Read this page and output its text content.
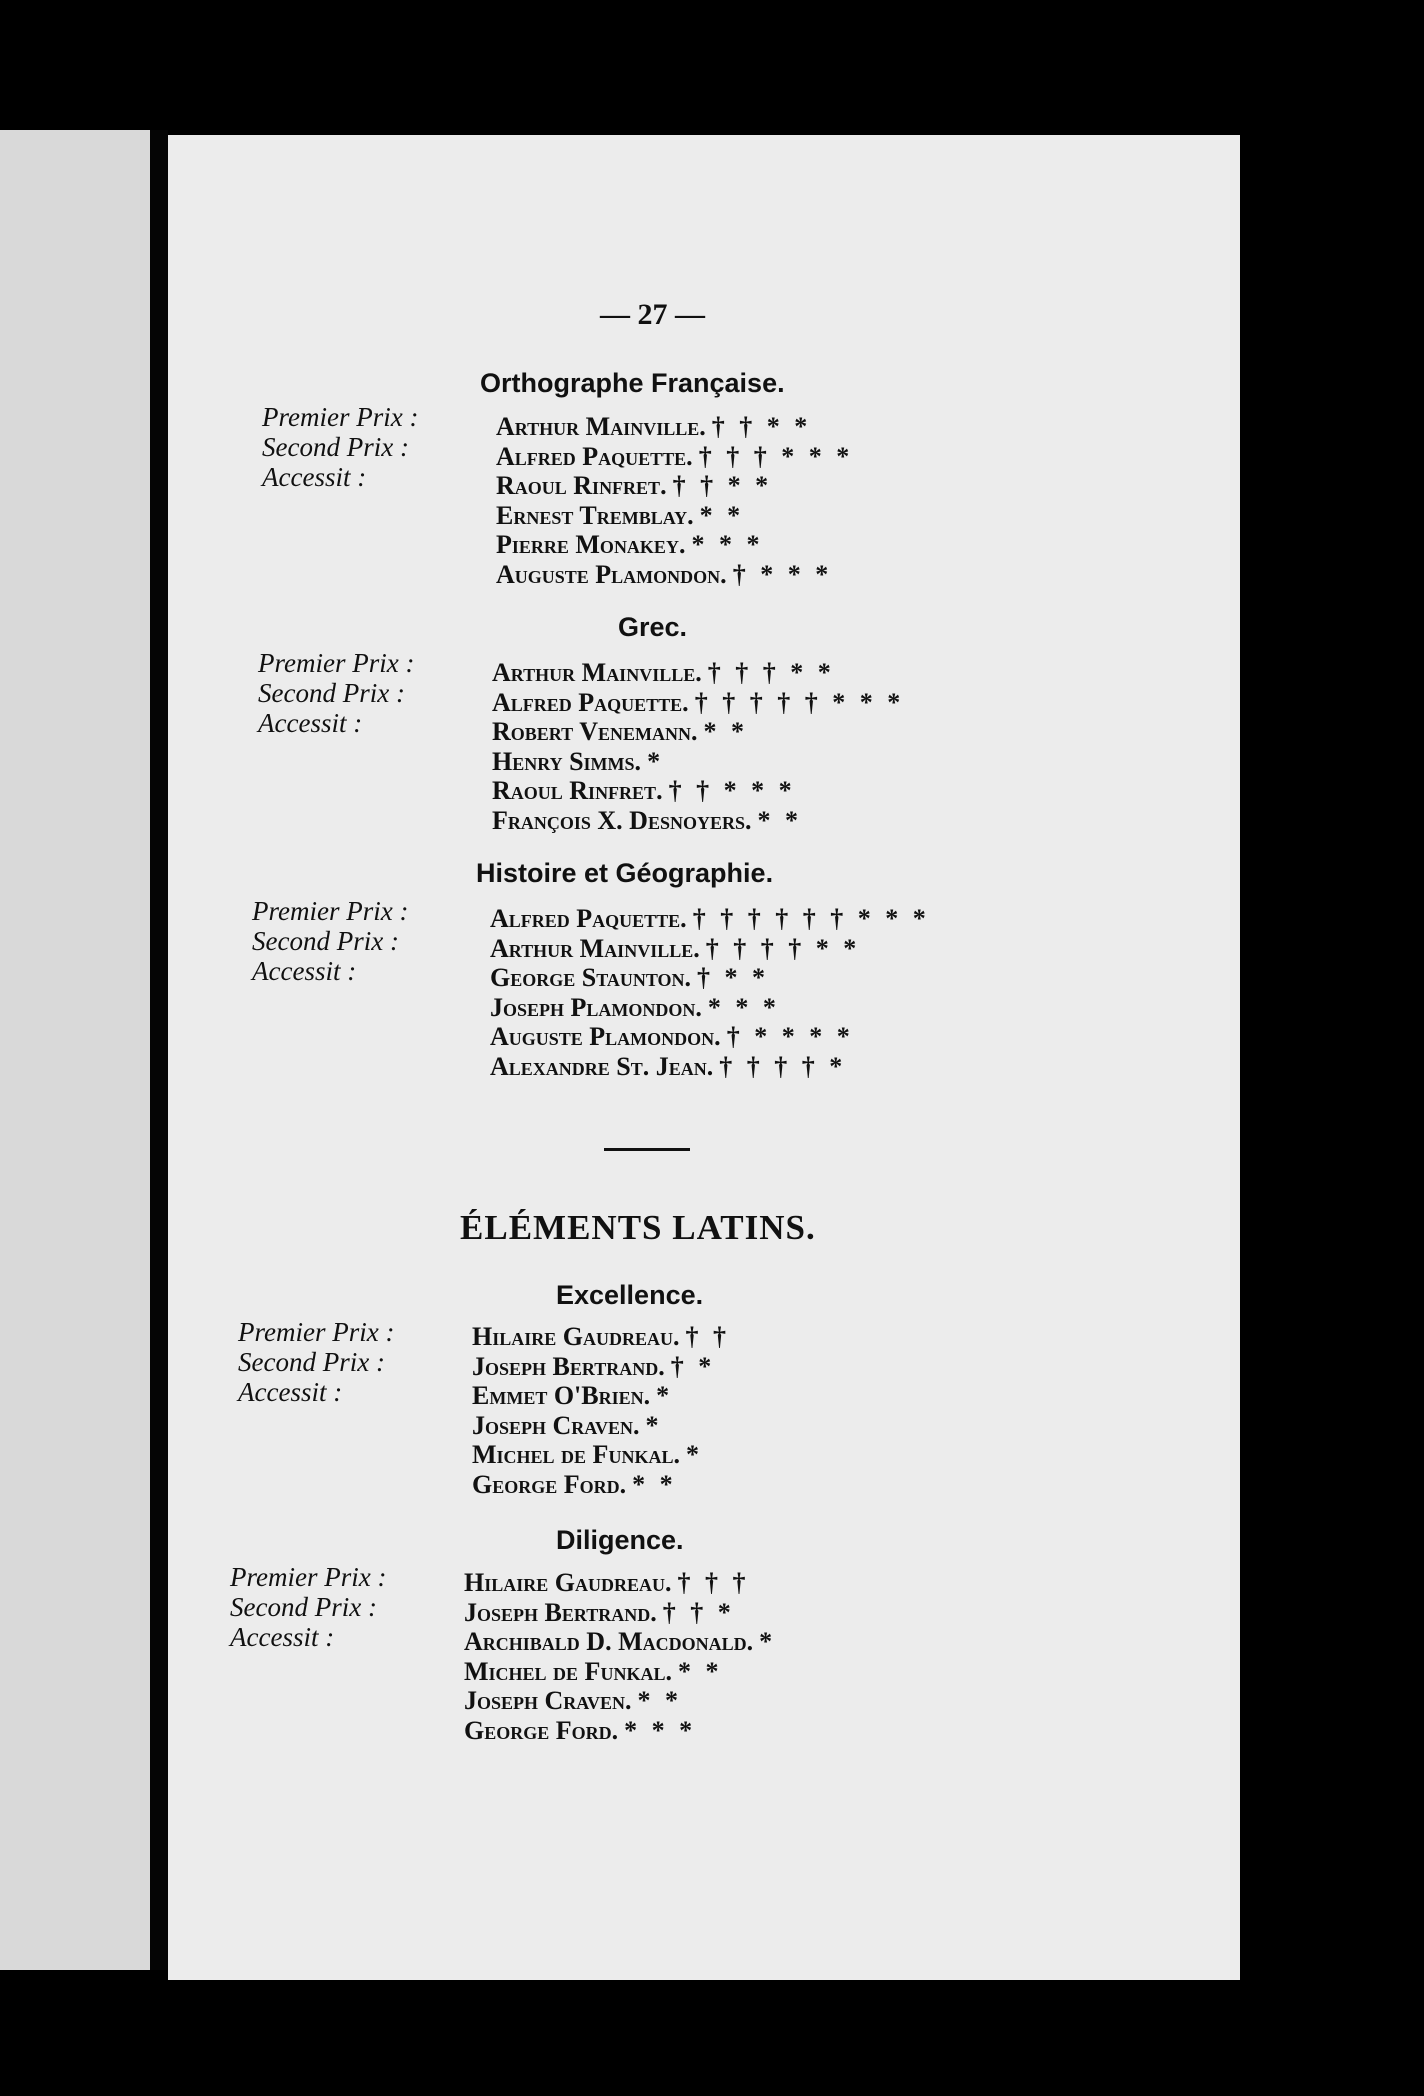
— 27 —
Orthographe Française.
Premier Prix :
Second Prix :
Accessit :
Arthur Mainville. † † * *
Alfred Paquette. † † † * * *
Raoul Rinfret. † † * *
Ernest Tremblay. * *
Pierre Monakey. * * *
Auguste Plamondon. † * * *
Grec.
Premier Prix :
Second Prix :
Accessit :
Arthur Mainville. † † † * *
Alfred Paquette. † † † † † * * *
Robert Venemann. * *
Henry Simms. *
Raoul Rinfret. † † * * *
François X. Desnoyers. * *
Histoire et Géographie.
Premier Prix :
Second Prix :
Accessit :
Alfred Paquette. † † † † † † * * *
Arthur Mainville. † † † † * *
George Staunton. † * *
Joseph Plamondon. * * *
Auguste Plamondon. † * * * *
Alexandre St. Jean. † † † † *
ÉLÉMENTS LATINS.
Excellence.
Premier Prix :
Second Prix :
Accessit :
Hilaire Gaudreau. † †
Joseph Bertrand. † *
Emmet O'Brien. *
Joseph Craven. *
Michel de Funkal. *
George Ford. * *
Diligence.
Premier Prix :
Second Prix :
Accessit :
Hilaire Gaudreau. † † †
Joseph Bertrand. † † *
Archibald D. Macdonald. *
Michel de Funkal. * *
Joseph Craven. * *
George Ford. * * *
